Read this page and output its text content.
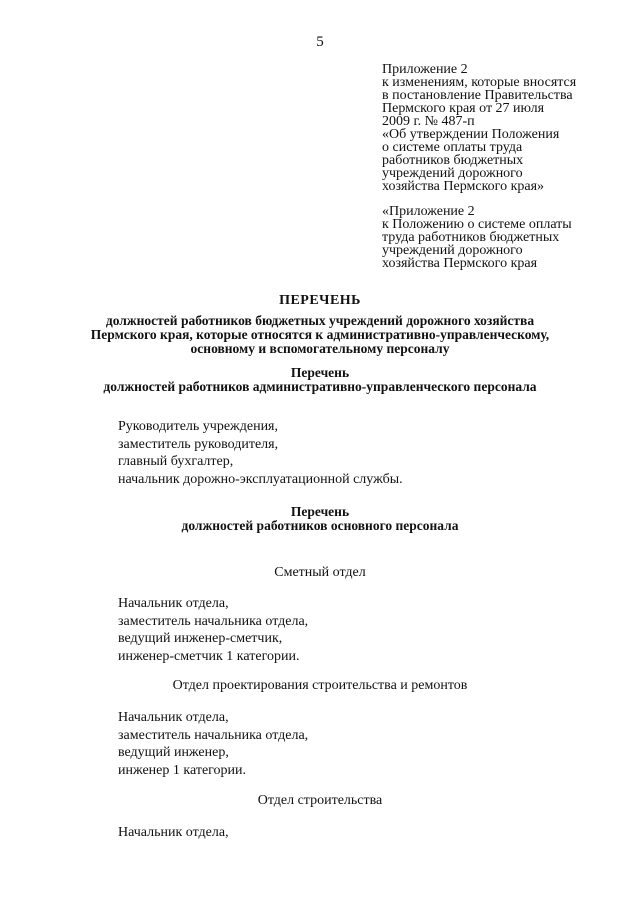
5
Приложение 2
к изменениям, которые вносятся
в постановление Правительства
Пермского края от 27 июля
2009 г. № 487-п
«Об утверждении Положения
о системе оплаты труда
работников бюджетных
учреждений дорожного
хозяйства Пермского края»
«Приложение 2
к Положению о системе оплаты
труда работников бюджетных
учреждений дорожного
хозяйства Пермского края
ПЕРЕЧЕНЬ
должностей работников бюджетных учреждений дорожного хозяйства
Пермского края, которые относятся к административно-управленческому,
основному и вспомогательному персоналу
Перечень
должностей работников административно-управленческого персонала
Руководитель учреждения,
заместитель руководителя,
главный бухгалтер,
начальник дорожно-эксплуатационной службы.
Перечень
должностей работников основного персонала
Сметный отдел
Начальник отдела,
заместитель начальника отдела,
ведущий инженер-сметчик,
инженер-сметчик 1 категории.
Отдел проектирования строительства и ремонтов
Начальник отдела,
заместитель начальника отдела,
ведущий инженер,
инженер 1 категории.
Отдел строительства
Начальник отдела,
